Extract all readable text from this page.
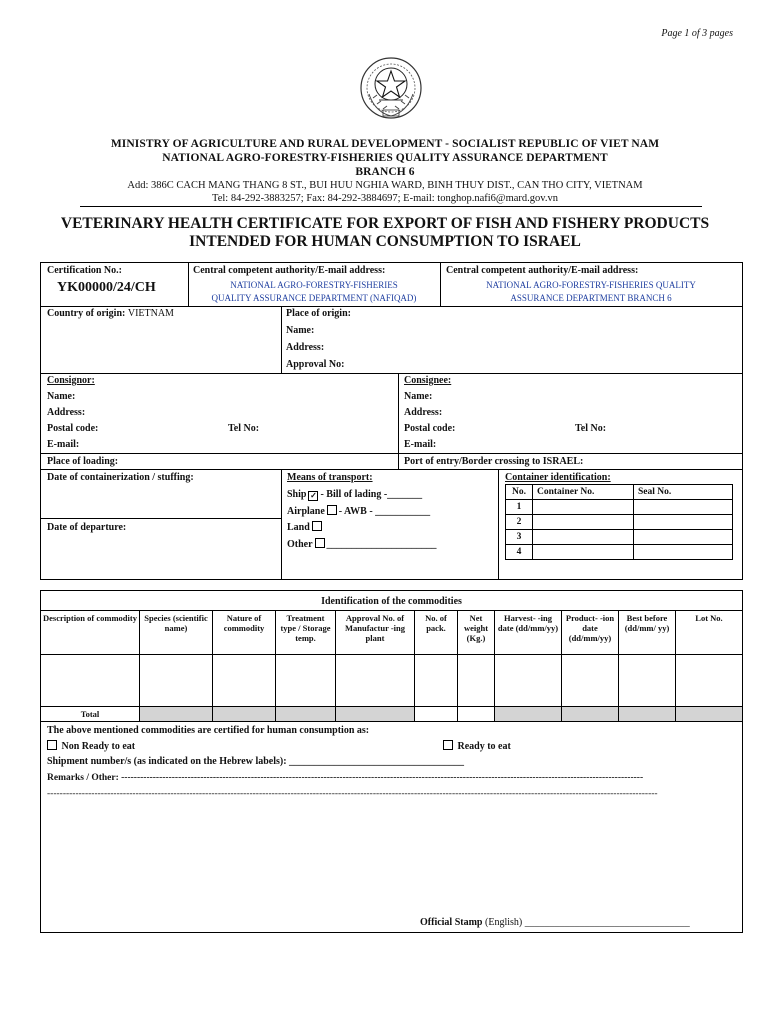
Page 1 of 3 pages
MINISTRY OF AGRICULTURE AND RURAL DEVELOPMENT - SOCIALIST REPUBLIC OF VIET NAM
NATIONAL AGRO-FORESTRY-FISHERIES QUALITY ASSURANCE DEPARTMENT
BRANCH 6
Add: 386C CACH MANG THANG 8 ST., BUI HUU NGHIA WARD, BINH THUY DIST., CAN THO CITY, VIETNAM
Tel: 84-292-3883257; Fax: 84-292-3884697; E-mail: tonghop.nafi6@mard.gov.vn
VETERINARY HEALTH CERTIFICATE FOR EXPORT OF FISH AND FISHERY PRODUCTS
INTENDED FOR HUMAN CONSUMPTION TO ISRAEL
Certification No.:
YK00000/24/CH
Central competent authority/E-mail address:
NATIONAL AGRO-FORESTRY-FISHERIES
QUALITY ASSURANCE DEPARTMENT (NAFIQAD)
Central competent authority/E-mail address:
NATIONAL AGRO-FORESTRY-FISHERIES QUALITY
ASSURANCE DEPARTMENT BRANCH 6
Country of origin: VIETNAM	Place of origin:
Name:
Address:
Approval No:
Consignor:
Name:
Address:
Postal code:	Tel No:
E-mail:
Consignee:
Name:
Address:
Postal code:	Tel No:
E-mail:
Place of loading:	Port of entry/Border crossing to ISRAEL:
Date of containerization / stuffing:
Date of departure:
Means of transport:
Ship ✓ - Bill of lading -_______
Airplane - AWB - ___________
Land
Other ______________________
Container identification:
No.	Container No.	Seal No.
1		
2		
3		
4		
Identification of the commodities
Description of commodity	Species (scientific name)	Nature of commodity	Treatment type / Storage temp.	Approval No. of Manufactur -ing plant	No. of pack.	Net weight (Kg.)	Harvest- -ing date (dd/mm/yy)	Product- -ion date (dd/mm/yy)	Best before (dd/mm/ yy)	Lot No.

Total										
The above mentioned commodities are certified for human consumption as:
Non Ready to eat	Ready to eat
Shipment number/s (as indicated on the Hebrew labels): ___________________________________
Remarks / Other: ---------------------------------------------------------------------------------------------------------------------------------------------------------------------
-------------------------------------------------------------------------------------------------------------------------------------------------------------------------------------------------
Official Stamp (English) _________________________________
